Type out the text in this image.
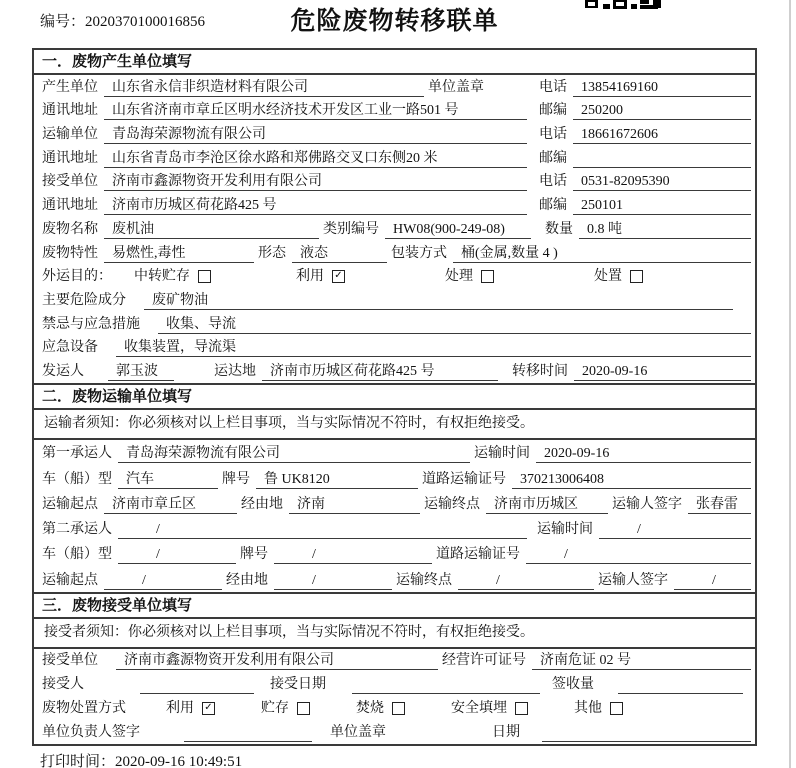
编号：2020370100016856	危险废物转移联单
一．废物产生单位填写
产生单位	山东省永信非织造材料有限公司	单位盖章	电话	13854169160
通讯地址	山东省济南市章丘区明水经济技术开发区工业一路501 号	邮编	250200
运输单位	青岛海荣源物流有限公司	电话	18661672606
通讯地址	山东省青岛市李沧区徐水路和郑佛路交叉口东侧20 米	邮编
接受单位	济南市鑫源物资开发利用有限公司	电话	0531-82095390
通讯地址	济南市历城区荷花路425 号	邮编	250101
废物名称	废机油	类别编号	HW08(900-249-08)	数量	0.8 吨
废物特性	易燃性,毒性	形态	液态	包装方式	桶(金属,数量 4 )
外运目的： 中转贮存	利用 ✓	处理	处置
主要危险成分	废矿物油
禁忌与应急措施	收集、导流
应急设备	收集装置，导流渠
发运人	郭玉波	运达地	济南市历城区荷花路425 号	转移时间	2020-09-16
二．废物运输单位填写
运输者须知：你必须核对以上栏目事项，当与实际情况不符时，有权拒绝接受。
第一承运人	青岛海荣源物流有限公司	运输时间	2020-09-16
车（船）型	汽车	牌号	鲁 UK8120	道路运输证号	370213006408
运输起点	济南市章丘区	经由地	济南	运输终点	济南市历城区	运输人签字	张春雷
第二承运人	/	运输时间	/
车（船）型	/	牌号	/	道路运输证号	/
运输起点	/	经由地	/	运输终点	/	运输人签字	/
三．废物接受单位填写
接受者须知：你必须核对以上栏目事项，当与实际情况不符时，有权拒绝接受。
接受单位	济南市鑫源物资开发利用有限公司	经营许可证号	济南危证 02 号
接受人	接受日期	签收量
废物处置方式	利用 ✓	贮存	焚烧	安全填埋	其他
单位负责人签字	单位盖章	日期
打印时间：2020-09-16 10:49:51
